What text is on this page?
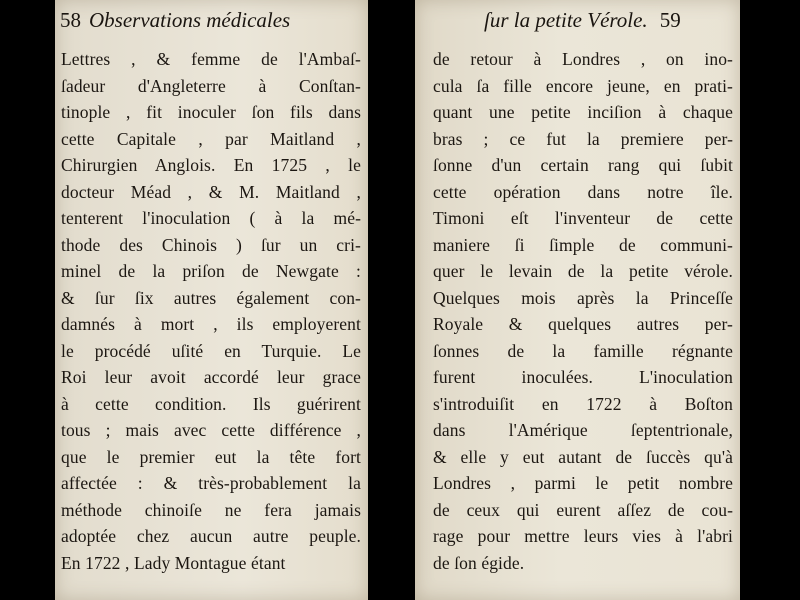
58 Observations médicales
Lettres , & femme de l'Ambaſ-
ſadeur d'Angleterre à Conſtan-
tinople , fit inoculer ſon fils dans
cette Capitale , par Maitland ,
Chirurgien Anglois. En 1725 , le
docteur Méad , & M. Maitland ,
tenterent l'inoculation ( à la mé-
thode des Chinois ) ſur un cri-
minel de la priſon de Newgate :
& ſur ſix autres également con-
damnés à mort , ils employerent
le procédé uſité en Turquie. Le
Roi leur avoit accordé leur grace
à cette condition. Ils guérirent
tous ; mais avec cette différence ,
que le premier eut la tête fort
affectée : & très-probablement la
méthode chinoiſe ne fera jamais
adoptée chez aucun autre peuple.
En 1722 , Lady Montague étant
ſur la petite Vérole. 59
de retour à Londres , on ino-
cula ſa fille encore jeune, en prati-
quant une petite inciſion à chaque
bras ; ce fut la premiere per-
ſonne d'un certain rang qui ſubit
cette opération dans notre île.
Timoni eſt l'inventeur de cette
maniere ſi ſimple de communi-
quer le levain de la petite vérole.
Quelques mois après la Princeſſe
Royale & quelques autres per-
ſonnes de la famille régnante
furent inoculées. L'inoculation
s'introduiſit en 1722 à Boſton
dans l'Amérique ſeptentrionale,
& elle y eut autant de ſuccès qu'à
Londres , parmi le petit nombre
de ceux qui eurent aſſez de cou-
rage pour mettre leurs vies à l'abri
de ſon égide.
